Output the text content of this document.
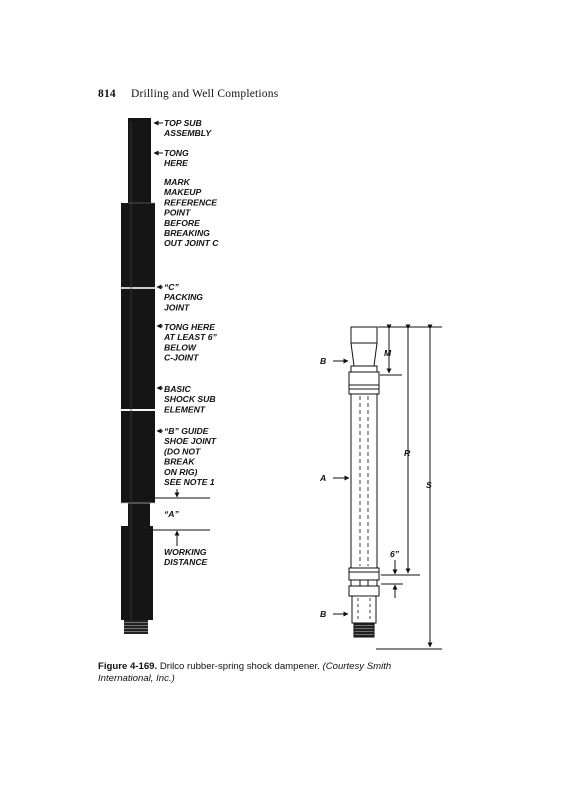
814 Drilling and Well Completions
TOP SUB ASSEMBLY
TONG HERE
MARK MAKEUP REFERENCE POINT BEFORE BREAKING OUT JOINT C
“C” PACKING JOINT
TONG HERE AT LEAST 6” BELOW C-JOINT
BASIC SHOCK SUB ELEMENT
“B” GUIDE SHOE JOINT (DO NOT BREAK ON RIG) SEE NOTE 1
“A”
WORKING DISTANCE
B
A
B
M
R
S
6”
Figure 4-169. Drilco rubber-spring shock dampener. (Courtesy Smith International, Inc.)
